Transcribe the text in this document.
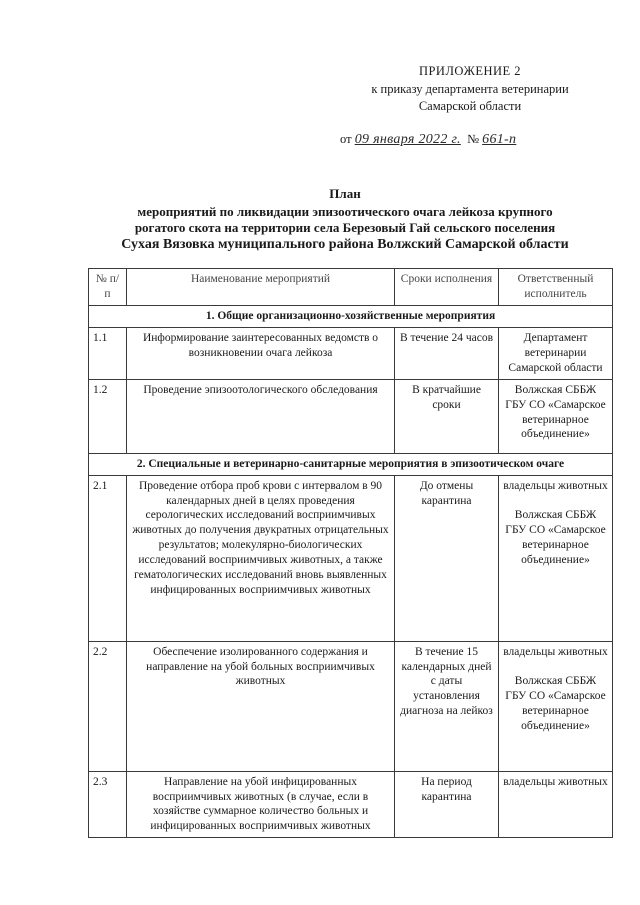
ПРИЛОЖЕНИЕ 2
к приказу департамента ветеринарии
Самарской области
от 09 января 2022 г. № 661-п
План
мероприятий по ликвидации эпизоотического очага лейкоза крупного
рогатого скота на территории села Березовый Гай сельского поселения
Сухая Вязовка муниципального района Волжский Самарской области
№ п/п	Наименование мероприятий	Сроки исполнения	Ответственный исполнитель
1. Общие организационно-хозяйственные мероприятия			
1.1	Информирование заинтересованных ведомств о возникновении очага лейкоза	В течение 24 часов	Департамент ветеринарии Самарской области
1.2	Проведение эпизоотологического обследования	В кратчайшие сроки	Волжская СББЖ ГБУ СО «Самарское ветеринарное объединение»
2. Специальные и ветеринарно-санитарные мероприятия в эпизоотическом очаге			
2.1	Проведение отбора проб крови с интервалом в 90 календарных дней в целях проведения серологических исследований восприимчивых животных до получения двукратных отрицательных результатов; молекулярно-биологических исследований восприимчивых животных, а также гематологических исследований вновь выявленных инфицированных восприимчивых животных	До отмены карантина	владельцы животных
Волжская СББЖ ГБУ СО «Самарское ветеринарное объединение»

2.2	Обеспечение изолированного содержания и направление на убой больных восприимчивых животных	В течение 15 календарных дней с даты установления диагноза на лейкоз	владельцы животных
Волжская СББЖ ГБУ СО «Самарское ветеринарное объединение»

2.3	Направление на убой инфицированных восприимчивых животных (в случае, если в хозяйстве суммарное количество больных и инфицированных восприимчивых животных	На период карантина	владельцы животных
